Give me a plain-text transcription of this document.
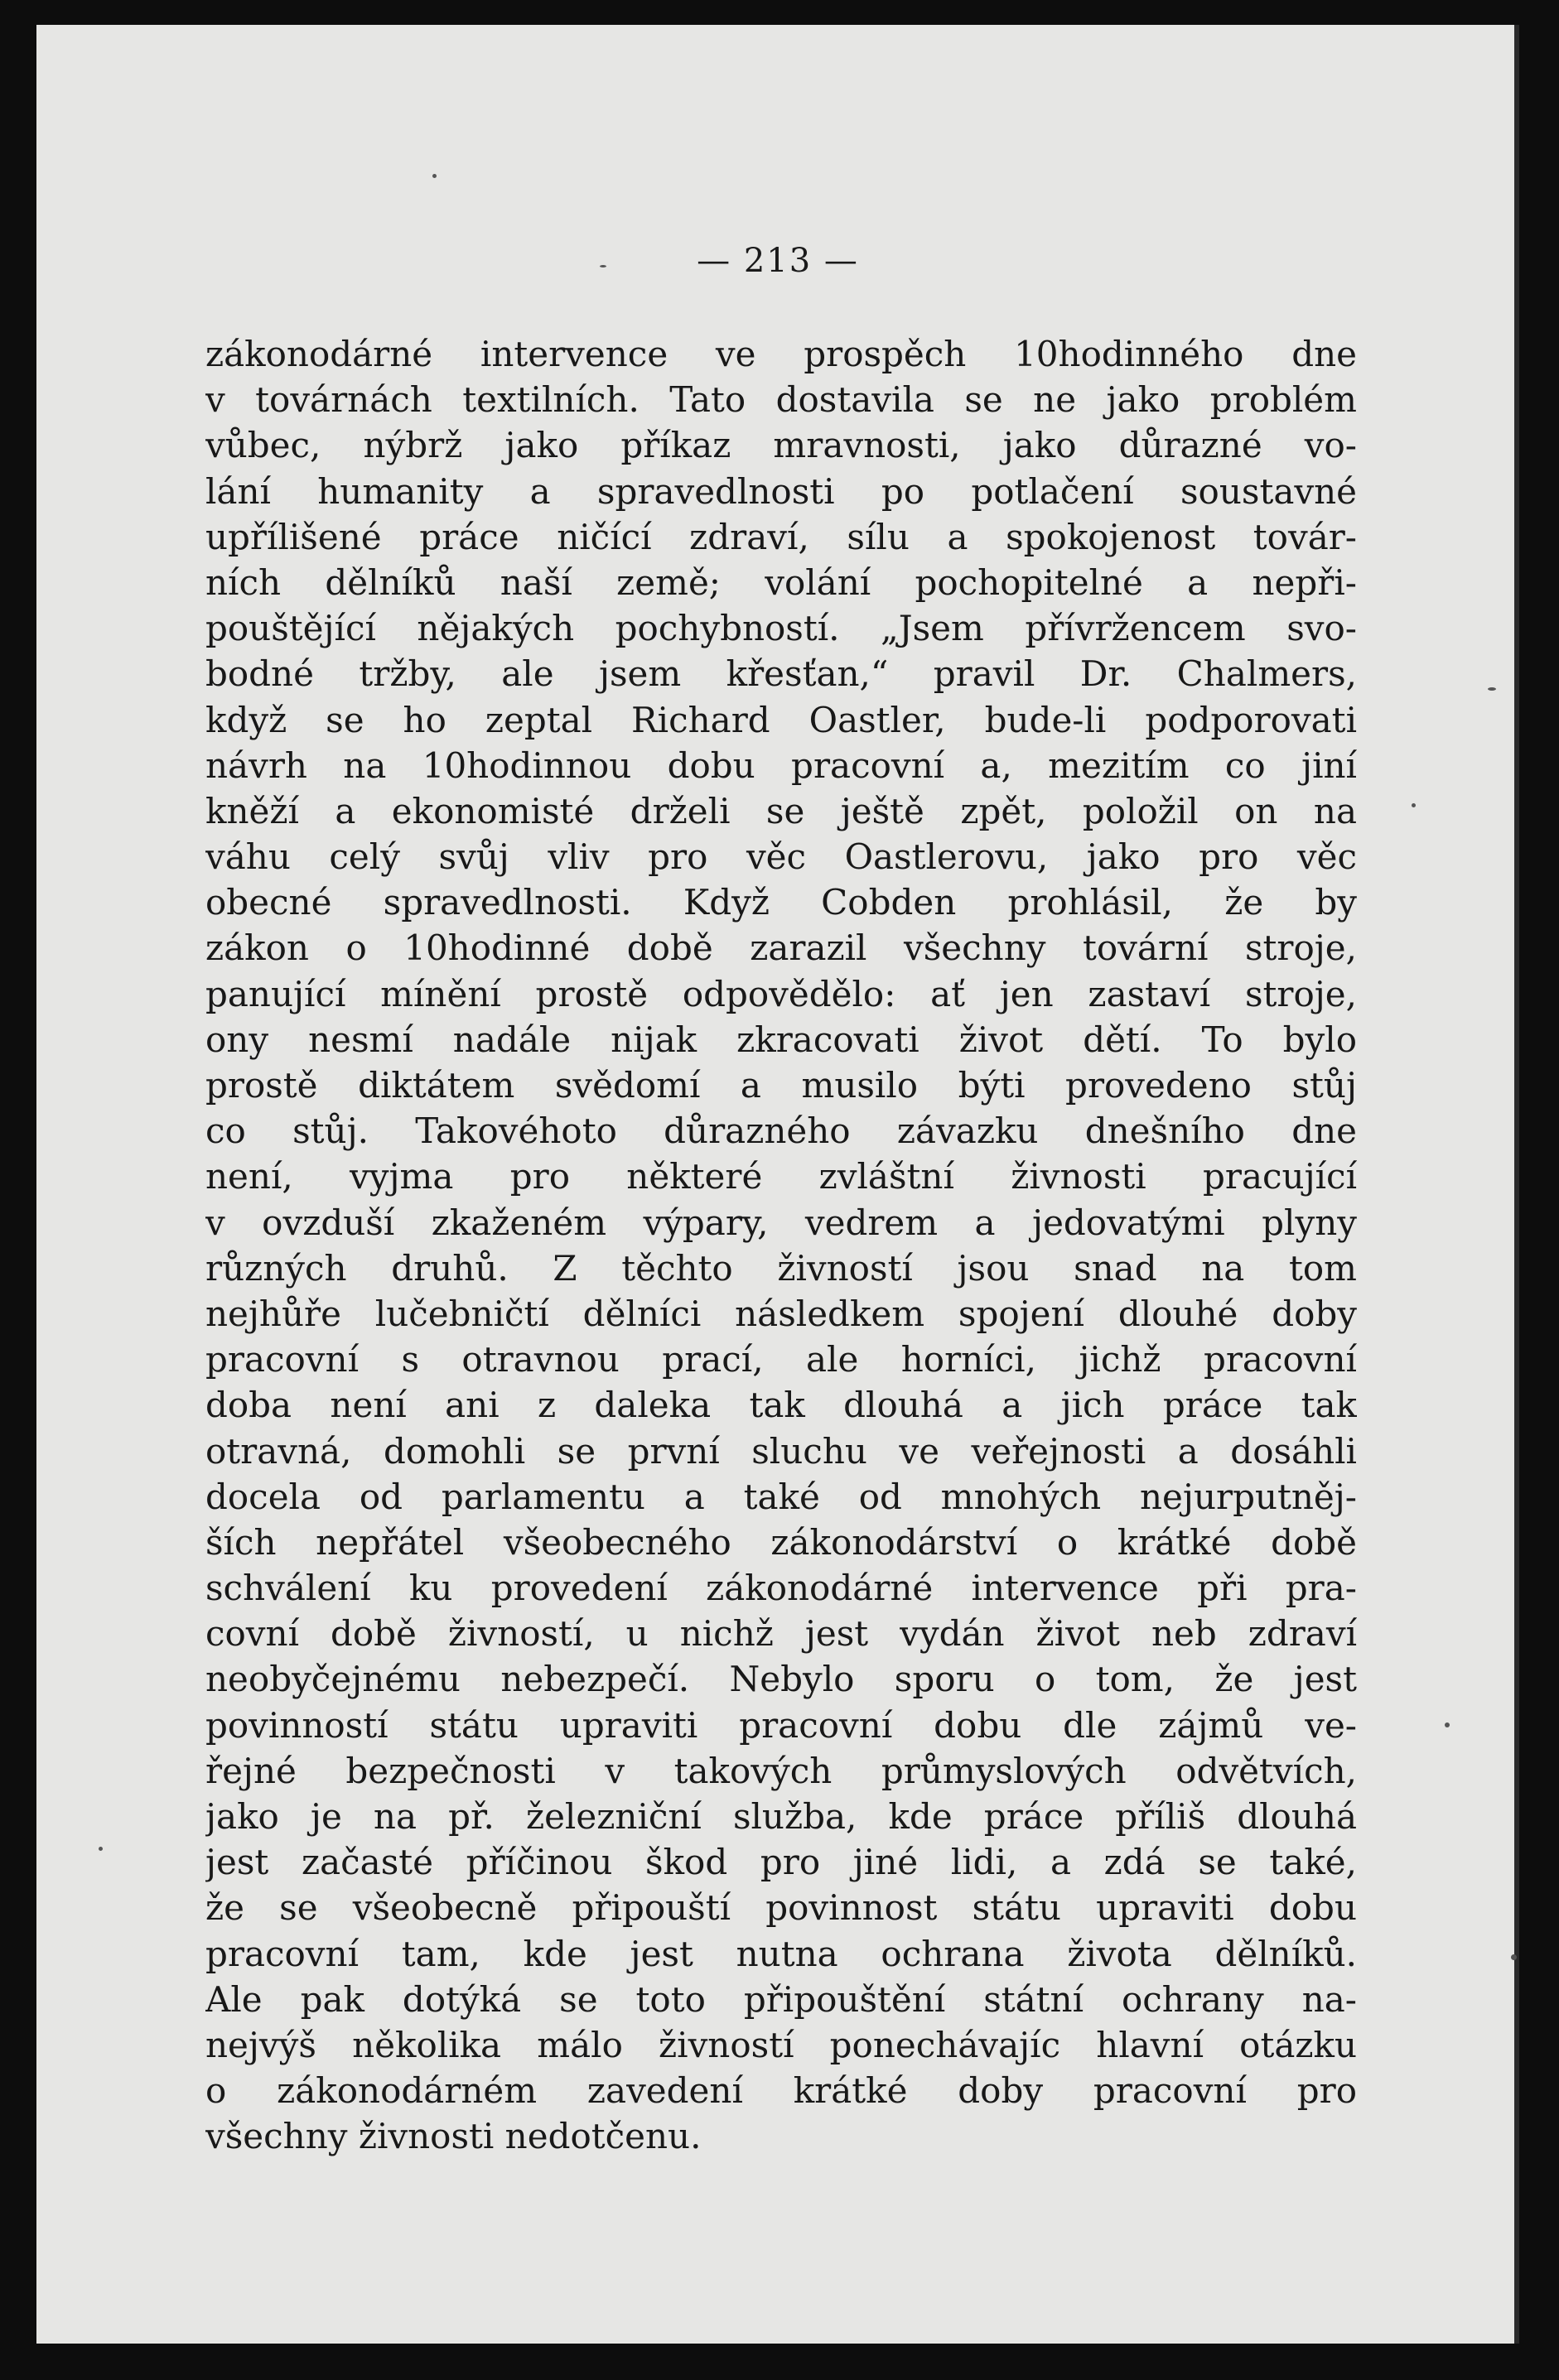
— 213 —
zákonodárné intervence ve prospěch 10hodinného dne
v továrnách textilních. Tato dostavila se ne jako problém
vůbec, nýbrž jako příkaz mravnosti, jako důrazné vo-
lání humanity a spravedlnosti po potlačení soustavné
upřílišené práce ničící zdraví, sílu a spokojenost továr-
ních dělníků naší země; volání pochopitelné a nepři-
pouštějící nějakých pochybností. „Jsem přívržencem svo-
bodné tržby, ale jsem křesťan,“ pravil Dr. Chalmers,
když se ho zeptal Richard Oastler, bude-li podporovati
návrh na 10hodinnou dobu pracovní a, mezitím co jiní
kněží a ekonomisté drželi se ještě zpět, položil on na
váhu celý svůj vliv pro věc Oastlerovu, jako pro věc
obecné spravedlnosti. Když Cobden prohlásil, že by
zákon o 10hodinné době zarazil všechny tovární stroje,
panující mínění prostě odpovědělo: ať jen zastaví stroje,
ony nesmí nadále nijak zkracovati život dětí. To bylo
prostě diktátem svědomí a musilo býti provedeno stůj
co stůj. Takovéhoto důrazného závazku dnešního dne
není, vyjma pro některé zvláštní živnosti pracující
v ovzduší zkaženém výpary, vedrem a jedovatými plyny
různých druhů. Z těchto živností jsou snad na tom
nejhůře lučebničtí dělníci následkem spojení dlouhé doby
pracovní s otravnou prací, ale horníci, jichž pracovní
doba není ani z daleka tak dlouhá a jich práce tak
otravná, domohli se první sluchu ve veřejnosti a dosáhli
docela od parlamentu a také od mnohých nejurputněj-
ších nepřátel všeobecného zákonodárství o krátké době
schválení ku provedení zákonodárné intervence při pra-
covní době živností, u nichž jest vydán život neb zdraví
neobyčejnému nebezpečí. Nebylo sporu o tom, že jest
povinností státu upraviti pracovní dobu dle zájmů ve-
řejné bezpečnosti v takových průmyslových odvětvích,
jako je na př. železniční služba, kde práce příliš dlouhá
jest začasté příčinou škod pro jiné lidi, a zdá se také,
že se všeobecně připouští povinnost státu upraviti dobu
pracovní tam, kde jest nutna ochrana života dělníků.
Ale pak dotýká se toto připouštění státní ochrany na-
nejvýš několika málo živností ponechávajíc hlavní otázku
o zákonodárném zavedení krátké doby pracovní pro
všechny živnosti nedotčenu.
